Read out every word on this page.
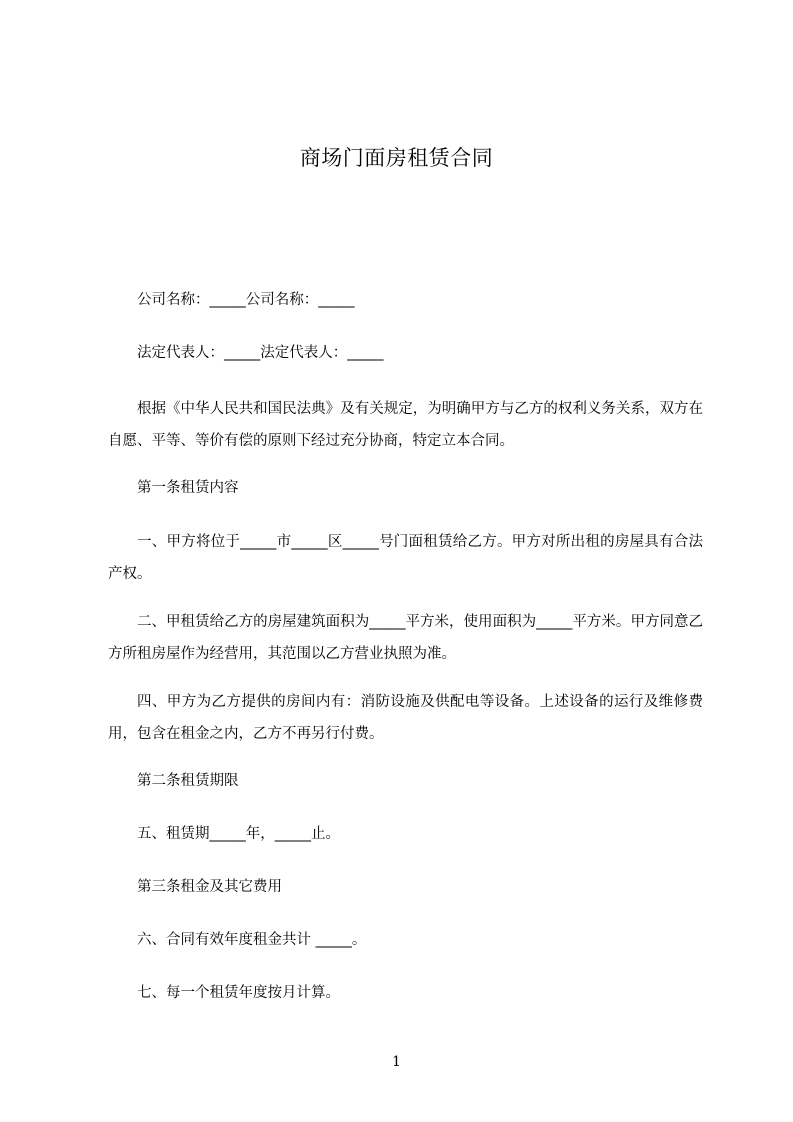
商场门面房租赁合同
公司名称：_____公司名称：_____
法定代表人：_____法定代表人：_____
根据《中华人民共和国民法典》及有关规定，为明确甲方与乙方的权利义务关系，双方在自愿、平等、等价有偿的原则下经过充分协商，特定立本合同。
第一条租赁内容
一、甲方将位于_____市_____区_____号门面租赁给乙方。甲方对所出租的房屋具有合法产权。
二、甲租赁给乙方的房屋建筑面积为_____平方米，使用面积为_____平方米。甲方同意乙方所租房屋作为经营用，其范围以乙方营业执照为准。
四、甲方为乙方提供的房间内有：消防设施及供配电等设备。上述设备的运行及维修费用，包含在租金之内，乙方不再另行付费。
第二条租赁期限
五、租赁期_____年，_____止。
第三条租金及其它费用
六、合同有效年度租金共计 _____。
七、每一个租赁年度按月计算。
1
